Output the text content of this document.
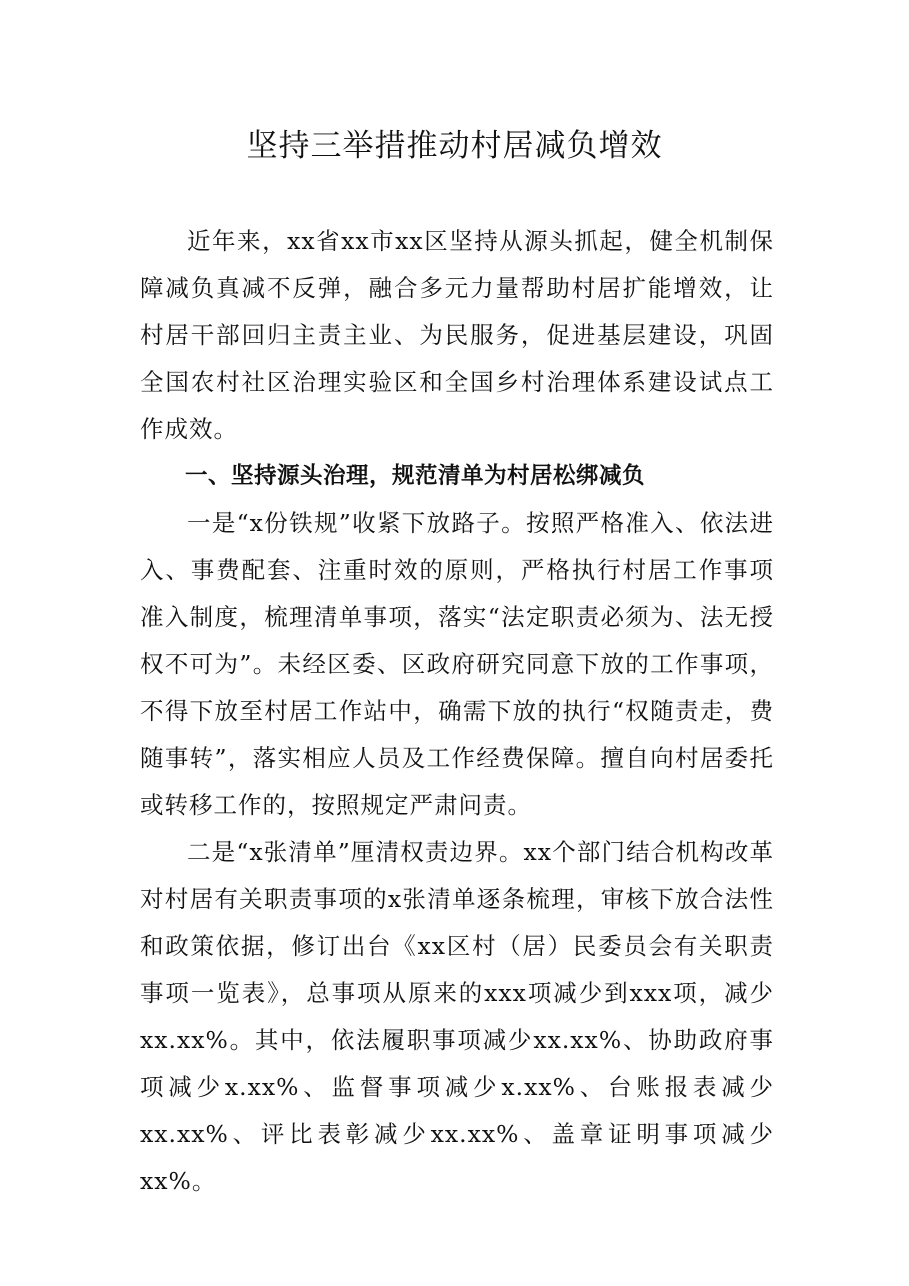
坚持三举措推动村居减负增效

近年来，xx省xx市xx区坚持从源头抓起，健全机制保障减负真减不反弹，融合多元力量帮助村居扩能增效，让村居干部回归主责主业、为民服务，促进基层建设，巩固全国农村社区治理实验区和全国乡村治理体系建设试点工作成效。

一、坚持源头治理，规范清单为村居松绑减负

一是“x份铁规”收紧下放路子。按照严格准入、依法进入、事费配套、注重时效的原则，严格执行村居工作事项准入制度，梳理清单事项，落实“法定职责必须为、法无授权不可为”。未经区委、区政府研究同意下放的工作事项，不得下放至村居工作站中，确需下放的执行“权随责走，费随事转”，落实相应人员及工作经费保障。擅自向村居委托或转移工作的，按照规定严肃问责。

二是“x张清单”厘清权责边界。xx个部门结合机构改革对村居有关职责事项的x张清单逐条梳理，审核下放合法性和政策依据，修订出台《xx区村（居）民委员会有关职责事项一览表》，总事项从原来的xxx项减少到xxx项，减少xx.xx%。其中，依法履职事项减少xx.xx%、协助政府事项减少x.xx%、监督事项减少x.xx%、台账报表减少xx.xx%、评比表彰减少xx.xx%、盖章证明事项减少xx%。
